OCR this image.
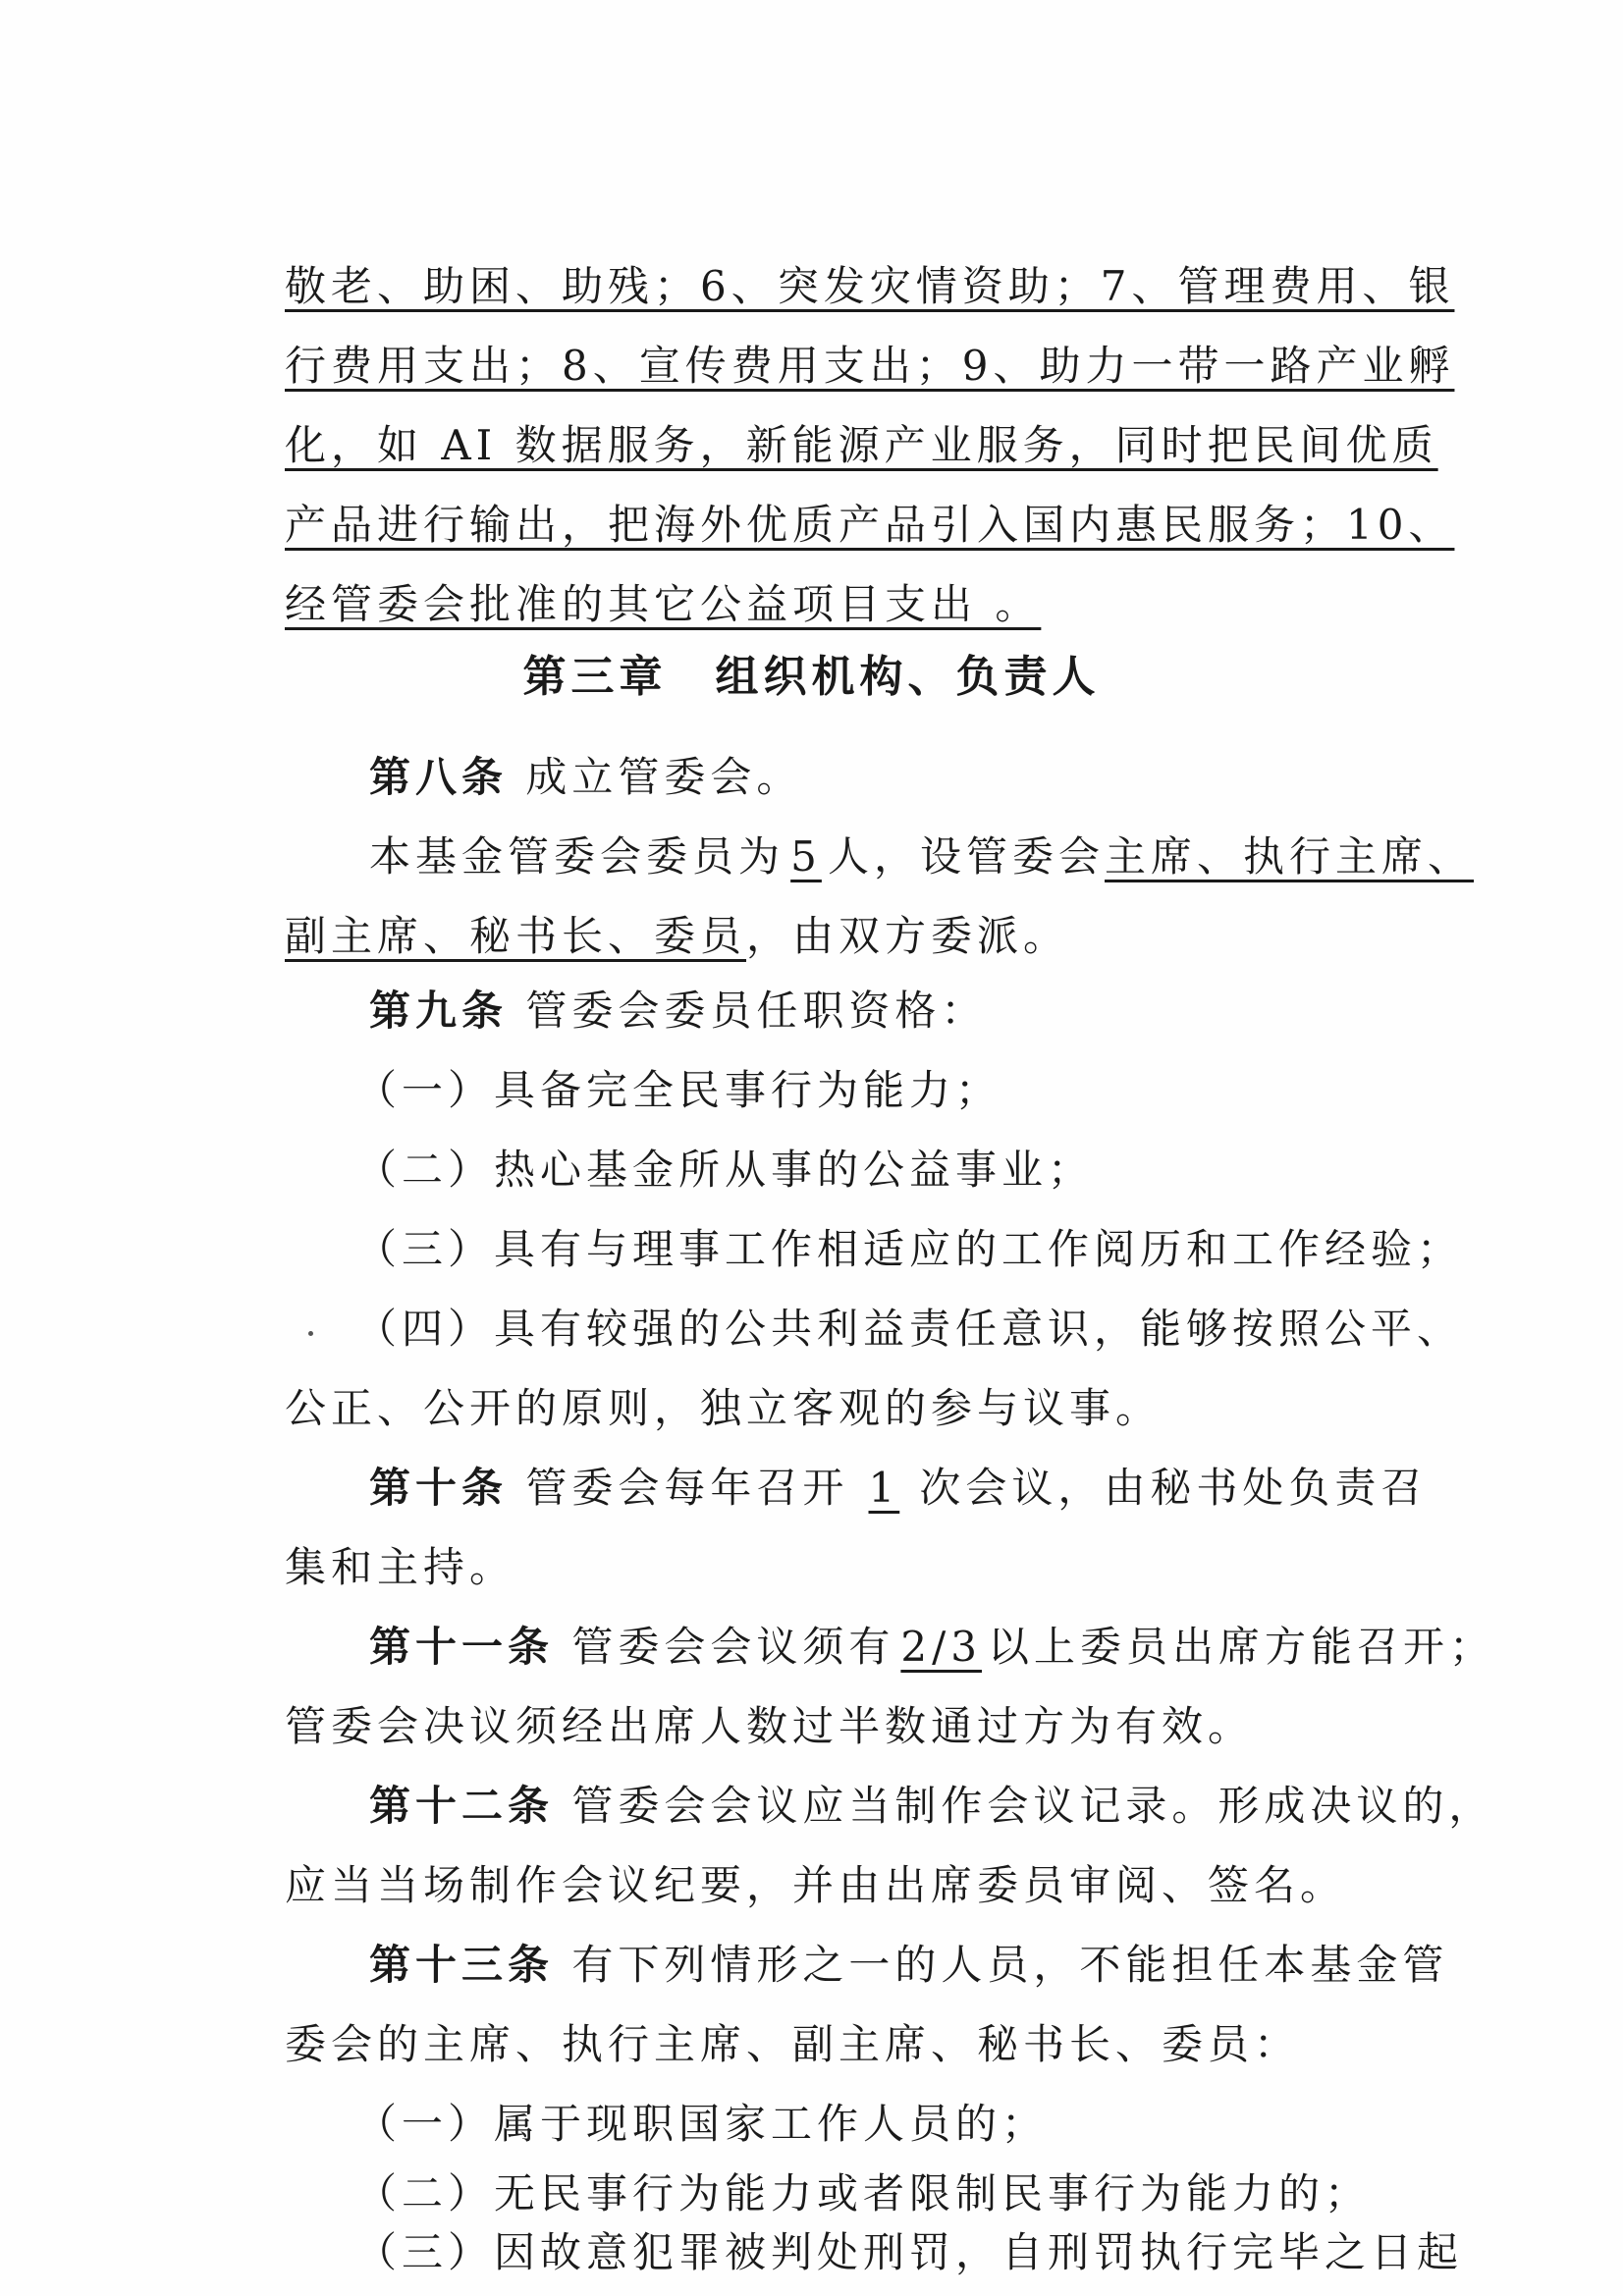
敬老、助困、助残；6、突发灾情资助；7、管理费用、银
行费用支出；8、宣传费用支出；9、助力一带一路产业孵
化，如 AI 数据服务，新能源产业服务，同时把民间优质
产品进行输出，把海外优质产品引入国内惠民服务；10、
经管委会批准的其它公益项目支出 。
第三章　组织机构、负责人
第八条 成立管委会。
本基金管委会委员为 5 人，设管委会主席、执行主席、
副主席、秘书长、委员，由双方委派。
第九条 管委会委员任职资格：
（一）具备完全民事行为能力；
（二）热心基金所从事的公益事业；
（三）具有与理事工作相适应的工作阅历和工作经验；
（四）具有较强的公共利益责任意识，能够按照公平、
公正、公开的原则，独立客观的参与议事。
第十条 管委会每年召开 1 次会议，由秘书处负责召
集和主持。
第十一条 管委会会议须有 2/3 以上委员出席方能召开；
管委会决议须经出席人数过半数通过方为有效。
第十二条 管委会会议应当制作会议记录。形成决议的，
应当当场制作会议纪要，并由出席委员审阅、签名。
第十三条 有下列情形之一的人员，不能担任本基金管
委会的主席、执行主席、副主席、秘书长、委员：
（一）属于现职国家工作人员的；
（二）无民事行为能力或者限制民事行为能力的；
（三）因故意犯罪被判处刑罚，自刑罚执行完毕之日起
